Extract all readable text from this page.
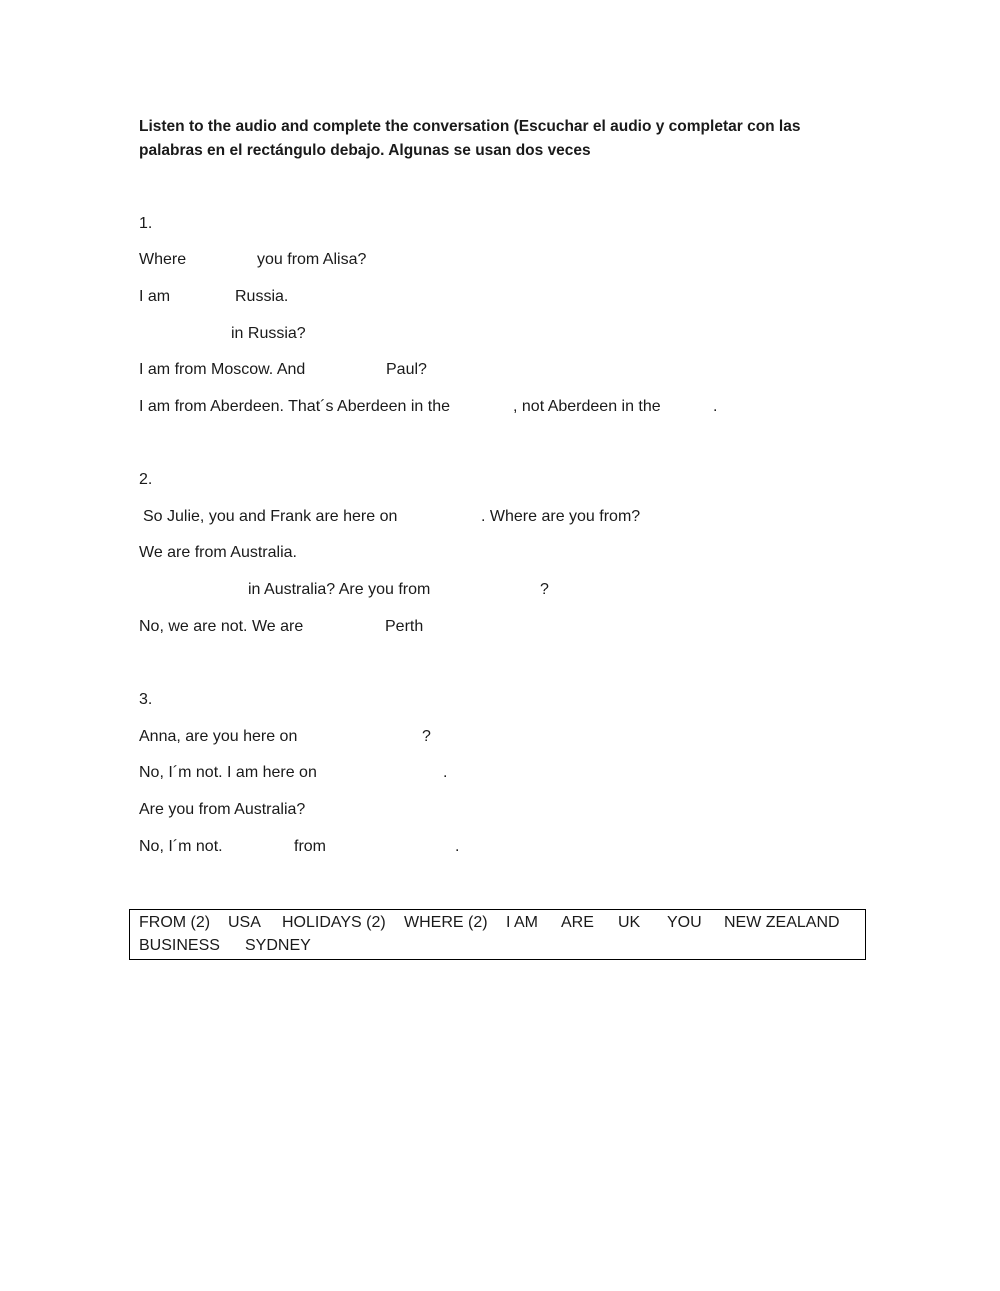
Listen to the audio and complete the conversation (Escuchar el audio y completar con las palabras en el rectángulo debajo. Algunas se usan dos veces
1.
Where	you from Alisa?
I am	Russia.
in Russia?
I am from Moscow. And	Paul?
I am from Aberdeen. That´s Aberdeen in the	, not Aberdeen in the	.
2.
So Julie, you and Frank are here on	. Where are you from?
We are from Australia.
in Australia? Are you from	?
No, we are not. We are	Perth
3.
Anna, are you here on	?
No, I´m not. I am here on	.
Are you from Australia?
No, I´m not.	from	.
FROM (2) USA HOLIDAYS (2) WHERE (2) I AM ARE UK YOU NEW ZEALAND
BUSINESS SYDNEY
